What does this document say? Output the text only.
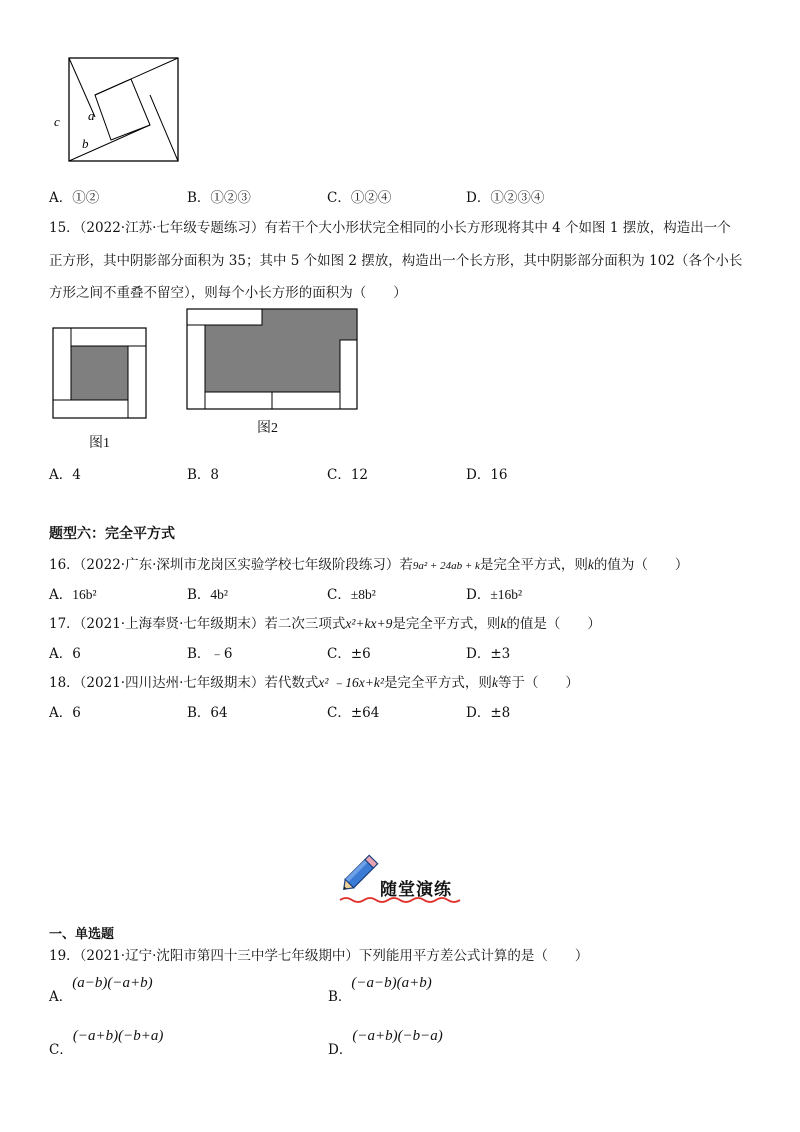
c a
b
A．①②	B．①②③	C．①②④	D．①②③④
15．（2022·江苏·七年级专题练习）有若干个大小形状完全相同的小长方形现将其中 4 个如图 1 摆放，构造出一个
正方形，其中阴影部分面积为 35；其中 5 个如图 2 摆放，构造出一个长方形，其中阴影部分面积为 102（各个小长
方形之间不重叠不留空），则每个小长方形的面积为（　　）
图1
图2
A．4	B．8	C．12	D．16
题型六：完全平方式
16．（2022·广东·深圳市龙岗区实验学校七年级阶段练习）若9a² + 24ab + k是完全平方式，则k的值为（　　）
A．16b²	B．4b²	C．±8b²	D．±16b²
17．（2021·上海奉贤·七年级期末）若二次三项式x²+kx+9是完全平方式，则k的值是（　　）
A．6	B．﹣6	C．±6	D．±3
18．（2021·四川达州·七年级期末）若代数式x² ﹣16x+k²是完全平方式，则k等于（　　）
A．6	B．64	C．±64	D．±8
随堂演练
一、单选题
19．（2021·辽宁·沈阳市第四十三中学七年级期中）下列能用平方差公式计算的是（　　）
A．(a−b)(−a+b)
B．(−a−b)(a+b)
C．(−a+b)(−b+a)
D．(−a+b)(−b−a)
